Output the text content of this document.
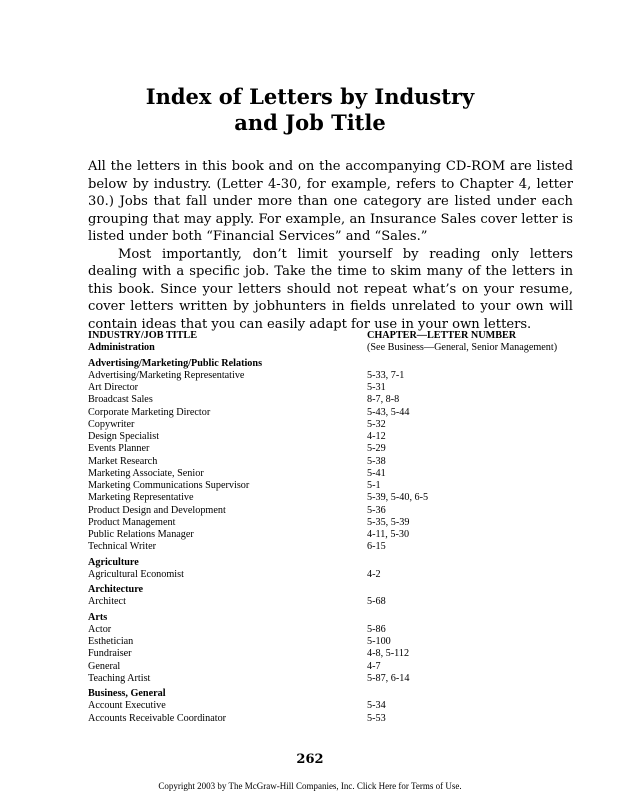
Index of Letters by Industry
and Job Title

All the letters in this book and on the accompanying CD-ROM are listed below by industry. (Letter 4-30, for example, refers to Chapter 4, letter 30.) Jobs that fall under more than one category are listed under each grouping that may apply. For example, an Insurance Sales cover letter is listed under both “Financial Services” and “Sales.”

Most importantly, don’t limit yourself by reading only letters dealing with a specific job. Take the time to skim many of the letters in this book. Since your letters should not repeat what’s on your resume, cover letters written by jobhunters in fields unrelated to your own will contain ideas that you can easily adapt for use in your own letters.

INDUSTRY/JOB TITLE	CHAPTER—LETTER NUMBER
Administration	(See Business—General, Senior Management)
Advertising/Marketing/Public Relations
Advertising/Marketing Representative	5-33, 7-1
Art Director	5-31
Broadcast Sales	8-7, 8-8
Corporate Marketing Director	5-43, 5-44
Copywriter	5-32
Design Specialist	4-12
Events Planner	5-29
Market Research	5-38
Marketing Associate, Senior	5-41
Marketing Communications Supervisor	5-1
Marketing Representative	5-39, 5-40, 6-5
Product Design and Development	5-36
Product Management	5-35, 5-39
Public Relations Manager	4-11, 5-30
Technical Writer	6-15
Agriculture
Agricultural Economist	4-2
Architecture
Architect	5-68
Arts
Actor	5-86
Esthetician	5-100
Fundraiser	4-8, 5-112
General	4-7
Teaching Artist	5-87, 6-14
Business, General
Account Executive	5-34
Accounts Receivable Coordinator	5-53
262
Copyright 2003 by The McGraw-Hill Companies, Inc. Click Here for Terms of Use.
